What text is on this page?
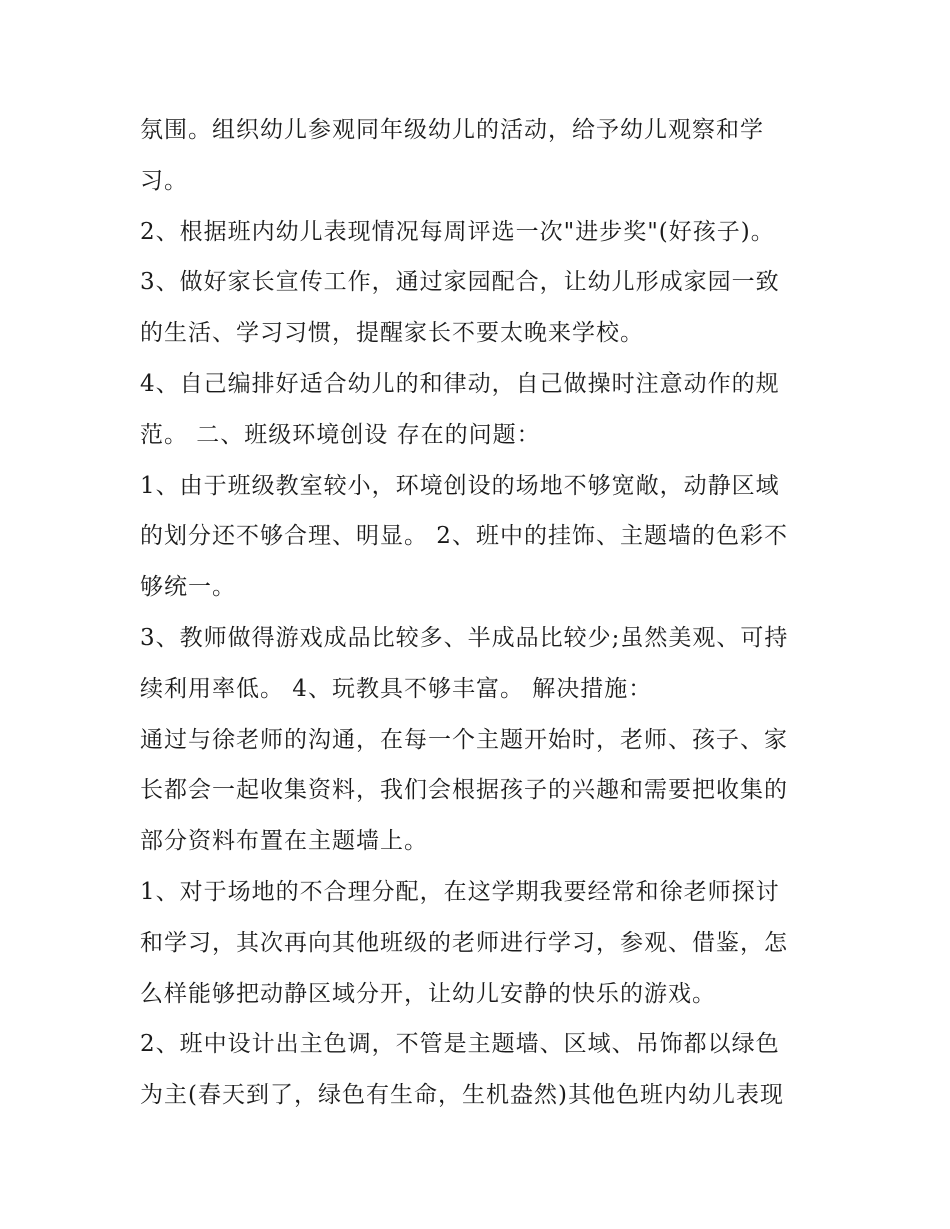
氛围。组织幼儿参观同年级幼儿的活动，给予幼儿观察和学
习。
2、根据班内幼儿表现情况每周评选一次"进步奖"(好孩子)。
3、做好家长宣传工作，通过家园配合，让幼儿形成家园一致
的生活、学习习惯，提醒家长不要太晚来学校。
4、自己编排好适合幼儿的和律动，自己做操时注意动作的规
范。 二、班级环境创设 存在的问题：
1、由于班级教室较小，环境创设的场地不够宽敞，动静区域
的划分还不够合理、明显。 2、班中的挂饰、主题墙的色彩不
够统一。
3、教师做得游戏成品比较多、半成品比较少;虽然美观、可持
续利用率低。 4、玩教具不够丰富。 解决措施：
通过与徐老师的沟通，在每一个主题开始时，老师、孩子、家
长都会一起收集资料，我们会根据孩子的兴趣和需要把收集的
部分资料布置在主题墙上。
1、对于场地的不合理分配，在这学期我要经常和徐老师探讨
和学习，其次再向其他班级的老师进行学习，参观、借鉴，怎
么样能够把动静区域分开，让幼儿安静的快乐的游戏。
2、班中设计出主色调，不管是主题墙、区域、吊饰都以绿色
为主(春天到了，绿色有生命，生机盎然)其他色班内幼儿表现
